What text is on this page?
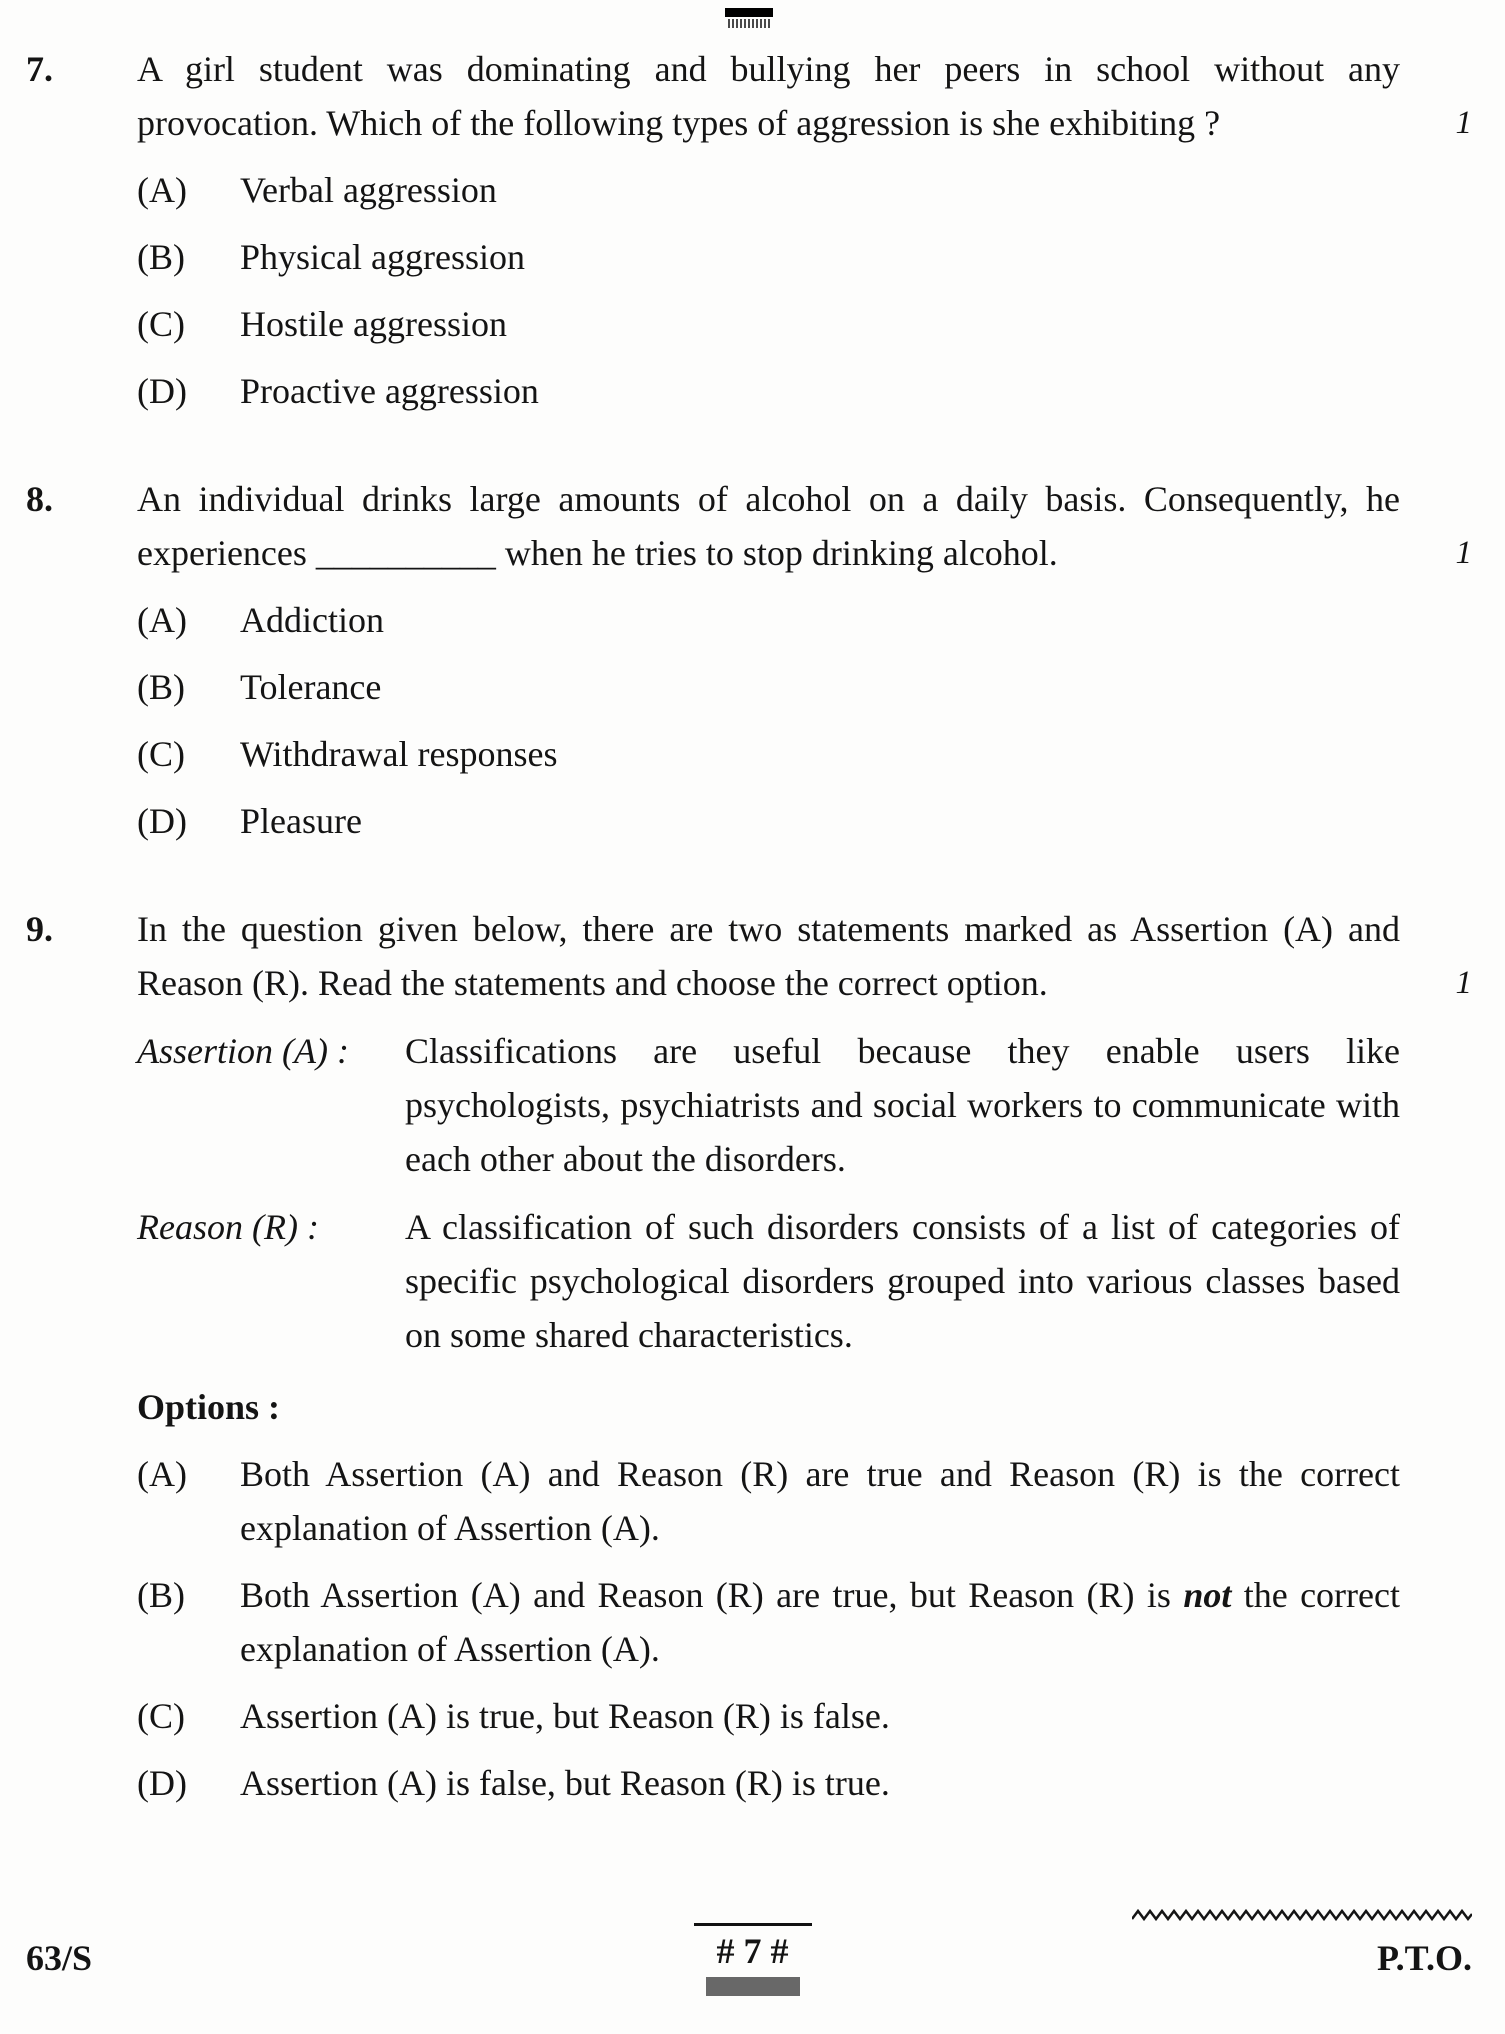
7.	A girl student was dominating and bullying her peers in school without any provocation. Which of the following types of aggression is she exhibiting ?	1
(A)	Verbal aggression

(B)	Physical aggression

(C)	Hostile aggression

(D)	Proactive aggression

8.	An individual drinks large amounts of alcohol on a daily basis. Consequently, he experiences __________ when he tries to stop drinking alcohol.	1
(A)	Addiction

(B)	Tolerance

(C)	Withdrawal responses

(D)	Pleasure

9.	In the question given below, there are two statements marked as Assertion (A) and Reason (R). Read the statements and choose the correct option.	1
Assertion (A) :	Classifications are useful because they enable users like psychologists, psychiatrists and social workers to communicate with each other about the disorders.

Reason (R) :	A classification of such disorders consists of a list of categories of specific psychological disorders grouped into various classes based on some shared characteristics.

Options :
(A)	Both Assertion (A) and Reason (R) are true and Reason (R) is the correct explanation of Assertion (A).

(B)	Both Assertion (A) and Reason (R) are true, but Reason (R) is not the correct explanation of Assertion (A).

(C)	Assertion (A) is true, but Reason (R) is false.

(D)	Assertion (A) is false, but Reason (R) is true.

63/S	# 7 #	P.T.O.
